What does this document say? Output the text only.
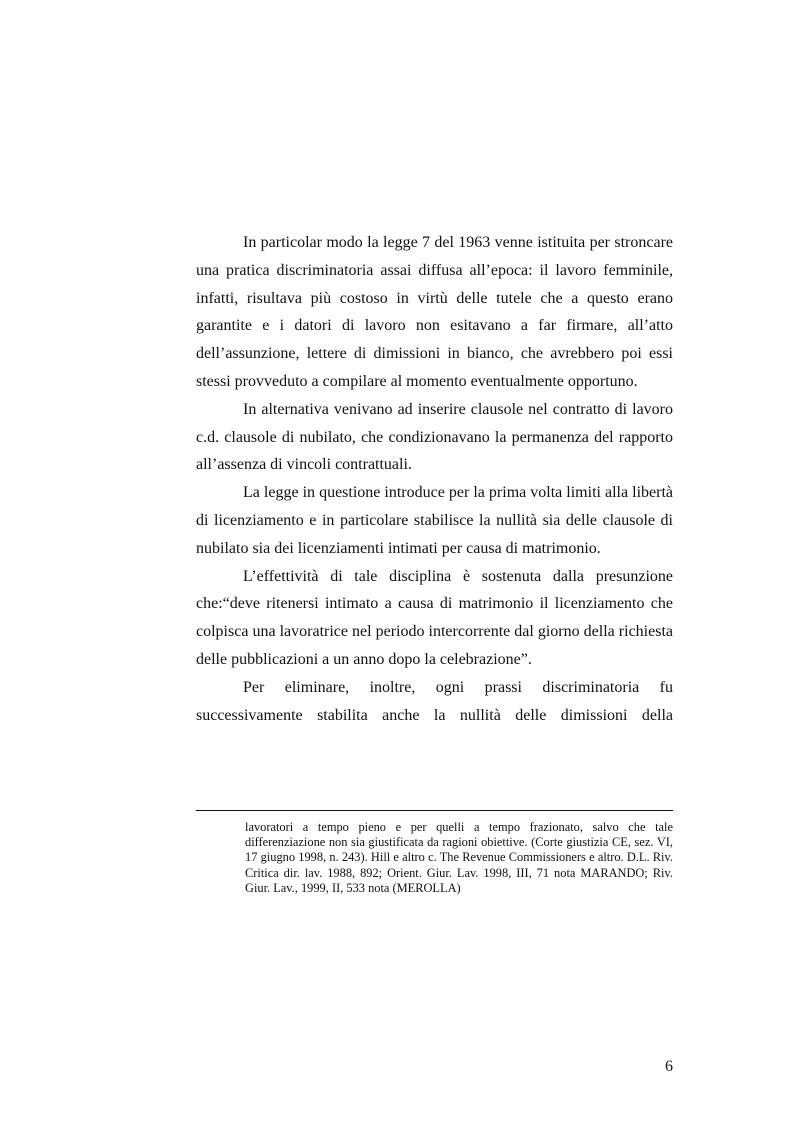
In particolar modo la legge 7 del 1963 venne istituita per stroncare una pratica discriminatoria assai diffusa all’epoca: il lavoro femminile, infatti, risultava più costoso in virtù delle tutele che a questo erano garantite e i datori di lavoro non esitavano a far firmare, all’atto dell’assunzione, lettere di dimissioni in bianco, che avrebbero poi essi stessi provveduto a compilare al momento eventualmente opportuno.

In alternativa venivano ad inserire clausole nel contratto di lavoro c.d. clausole di nubilato, che condizionavano la permanenza del rapporto all’assenza di vincoli contrattuali.

La legge in questione introduce per la prima volta limiti alla libertà di licenziamento e in particolare stabilisce la nullità sia delle clausole di nubilato sia dei licenziamenti intimati per causa di matrimonio.

L’effettività di tale disciplina è sostenuta dalla presunzione che:“deve ritenersi intimato a causa di matrimonio il licenziamento che colpisca una lavoratrice nel periodo intercorrente dal giorno della richiesta delle pubblicazioni a un anno dopo la celebrazione”.

Per eliminare, inoltre, ogni prassi discriminatoria fu successivamente stabilita anche la nullità delle dimissioni della

lavoratori a tempo pieno e per quelli a tempo frazionato, salvo che tale differenziazione non sia giustificata da ragioni obiettive. (Corte giustizia CE, sez. VI, 17 giugno 1998, n. 243). Hill e altro c. The Revenue Commissioners e altro. D.L. Riv. Critica dir. lav. 1988, 892; Orient. Giur. Lav. 1998, III, 71 nota MARANDO; Riv. Giur. Lav., 1999, II, 533 nota (MEROLLA)

6
